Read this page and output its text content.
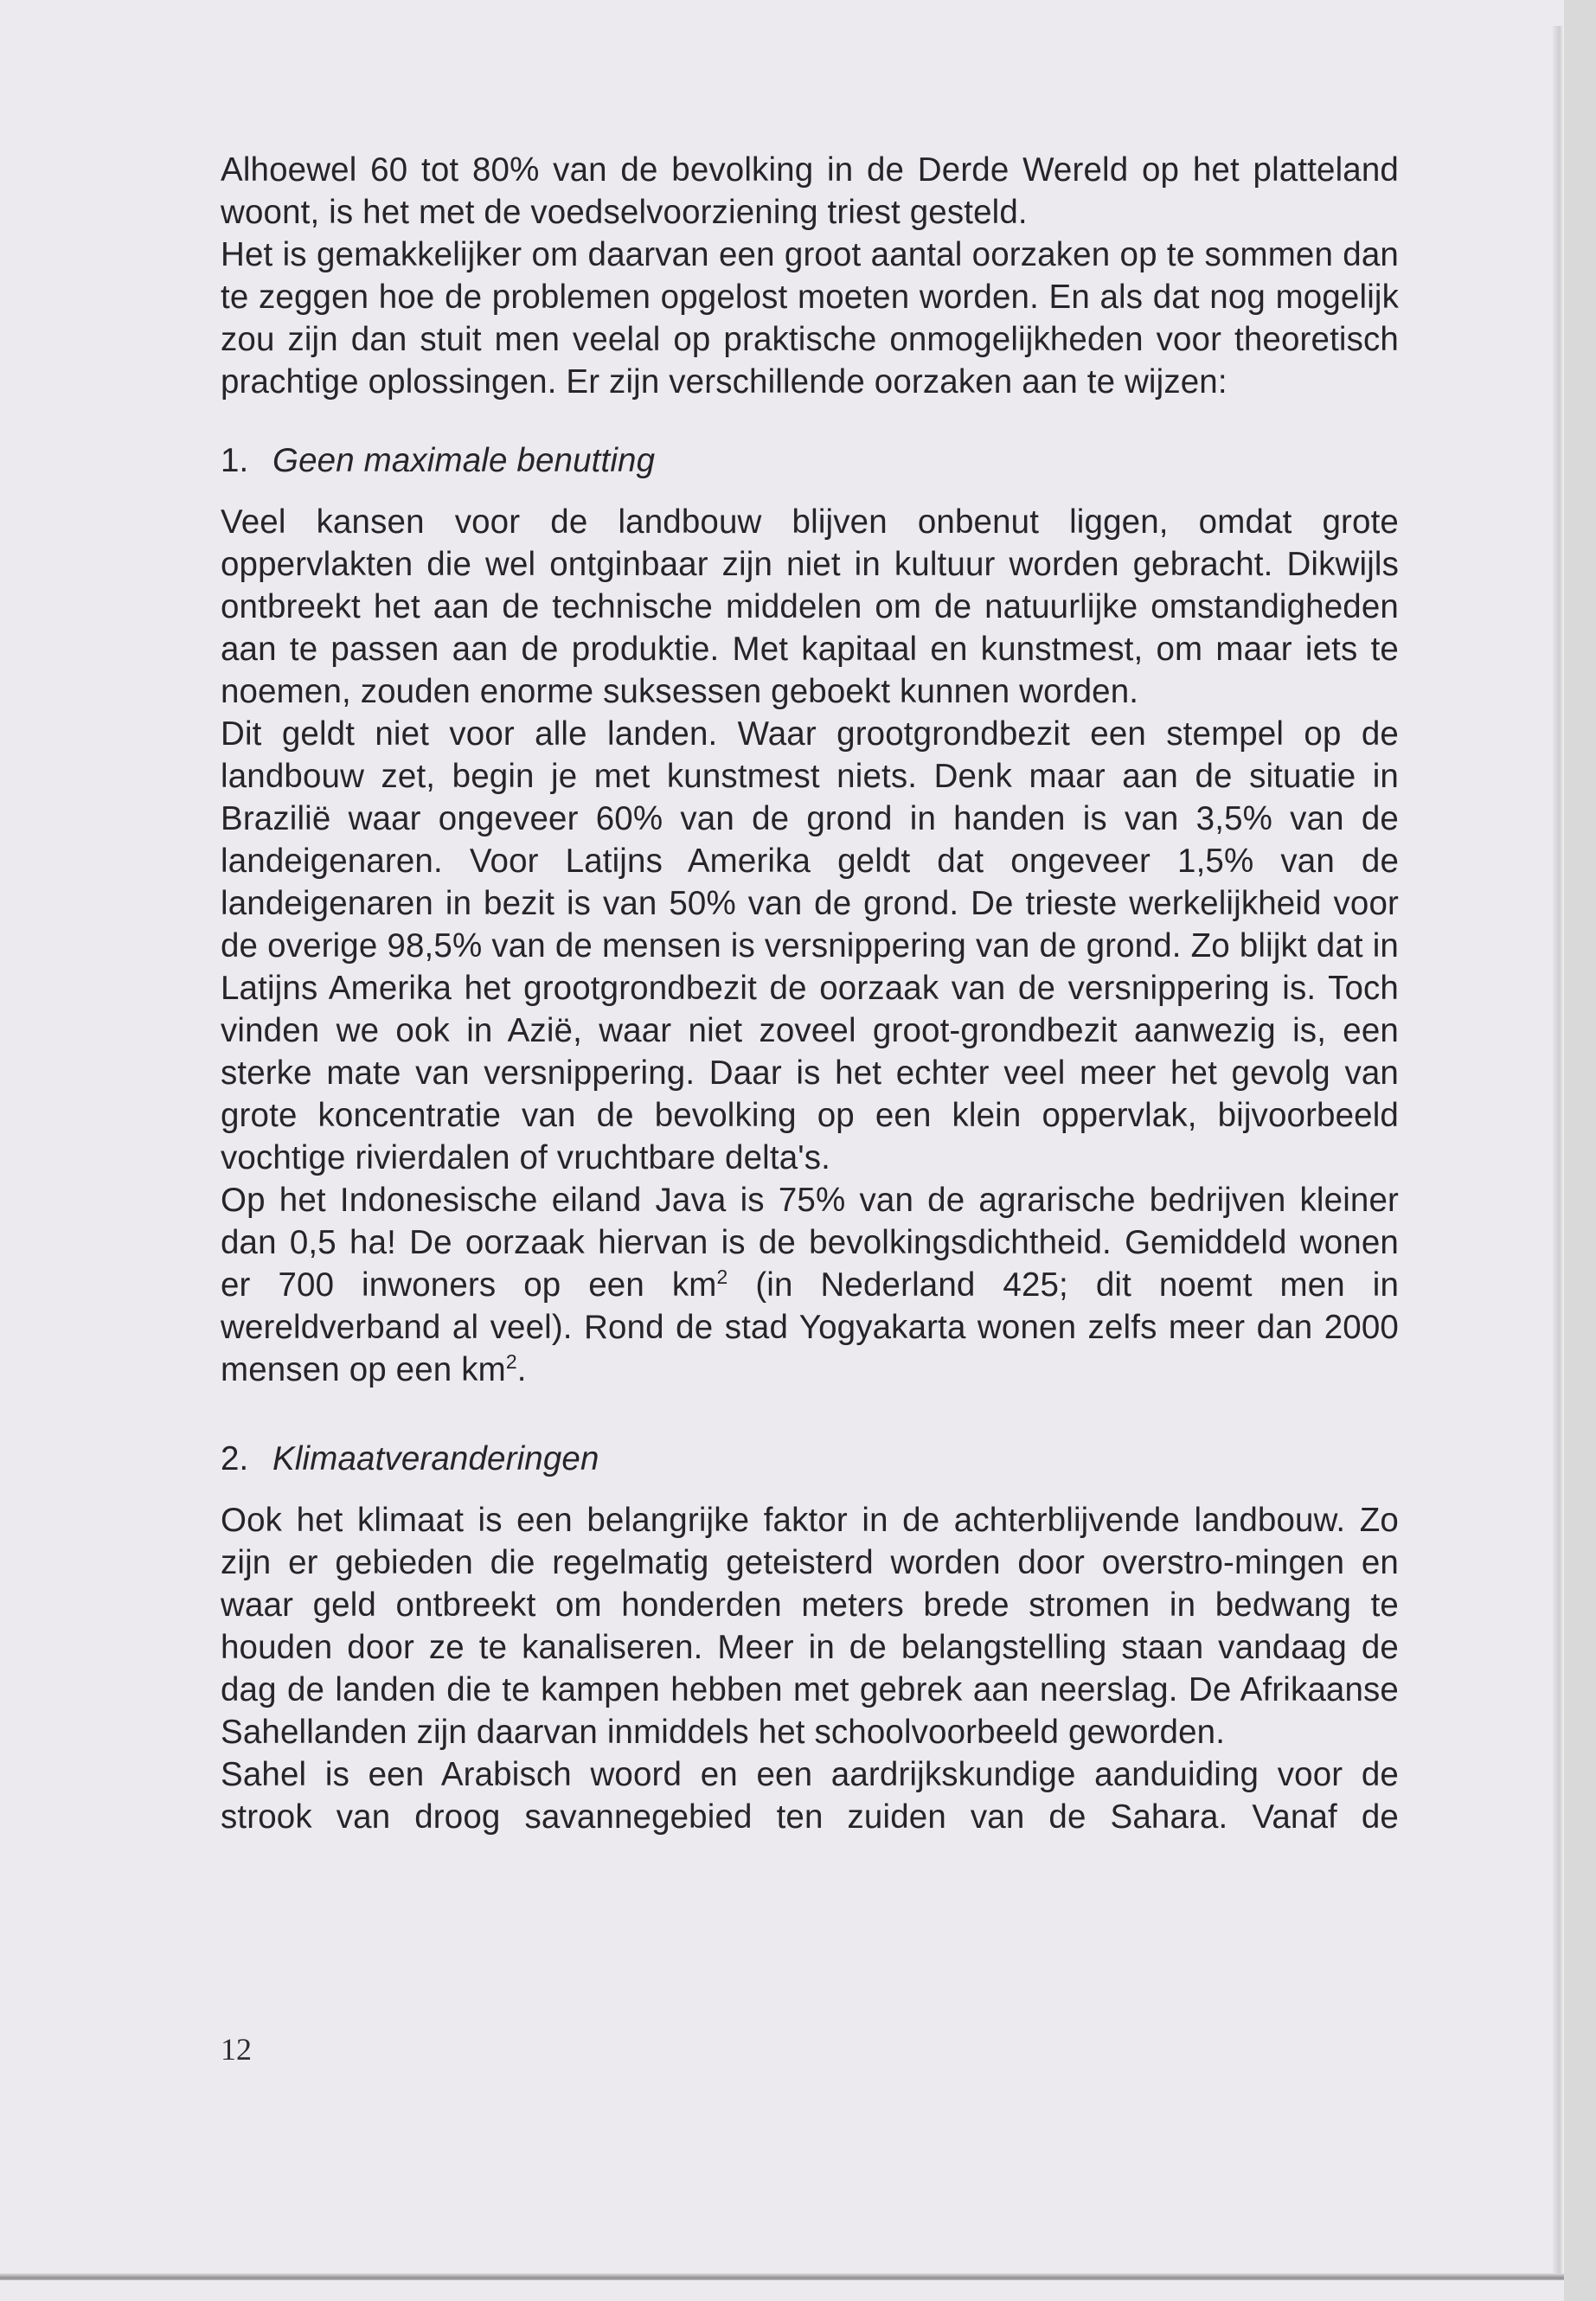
Alhoewel 60 tot 80% van de bevolking in de Derde Wereld op het platteland woont, is het met de voedselvoorziening triest gesteld.
Het is gemakkelijker om daarvan een groot aantal oorzaken op te sommen dan te zeggen hoe de problemen opgelost moeten worden. En als dat nog mogelijk zou zijn dan stuit men veelal op praktische onmogelijkheden voor theoretisch prachtige oplossingen. Er zijn verschillende oorzaken aan te wijzen:

1. Geen maximale benutting

Veel kansen voor de landbouw blijven onbenut liggen, omdat grote oppervlakten die wel ontginbaar zijn niet in kultuur worden gebracht. Dikwijls ontbreekt het aan de technische middelen om de natuurlijke omstandigheden aan te passen aan de produktie. Met kapitaal en kunstmest, om maar iets te noemen, zouden enorme suksessen geboekt kunnen worden.

Dit geldt niet voor alle landen. Waar grootgrondbezit een stempel op de landbouw zet, begin je met kunstmest niets. Denk maar aan de situatie in Brazilië waar ongeveer 60% van de grond in handen is van 3,5% van de landeigenaren. Voor Latijns Amerika geldt dat ongeveer 1,5% van de landeigenaren in bezit is van 50% van de grond. De trieste werkelijkheid voor de overige 98,5% van de mensen is versnippering van de grond. Zo blijkt dat in Latijns Amerika het grootgrondbezit de oorzaak van de versnippering is. Toch vinden we ook in Azië, waar niet zoveel groot-grondbezit aanwezig is, een sterke mate van versnippering. Daar is het echter veel meer het gevolg van grote koncentratie van de bevolking op een klein oppervlak, bijvoorbeeld vochtige rivierdalen of vruchtbare delta's.

Op het Indonesische eiland Java is 75% van de agrarische bedrijven kleiner dan 0,5 ha! De oorzaak hiervan is de bevolkingsdichtheid. Gemiddeld wonen er 700 inwoners op een $km^2$ (in Nederland 425; dit noemt men in wereldverband al veel). Rond de stad Yogyakarta wonen zelfs meer dan 2000 mensen op een $km^2$.

2. Klimaatveranderingen

Ook het klimaat is een belangrijke faktor in de achterblijvende landbouw. Zo zijn er gebieden die regelmatig geteisterd worden door overstro-mingen en waar geld ontbreekt om honderden meters brede stromen in bedwang te houden door ze te kanaliseren. Meer in de belangstelling staan vandaag de dag de landen die te kampen hebben met gebrek aan neerslag. De Afrikaanse Sahellanden zijn daarvan inmiddels het schoolvoorbeeld geworden.

Sahel is een Arabisch woord en een aardrijkskundige aanduiding voor de strook van droog savannegebied ten zuiden van de Sahara. Vanaf de

12
